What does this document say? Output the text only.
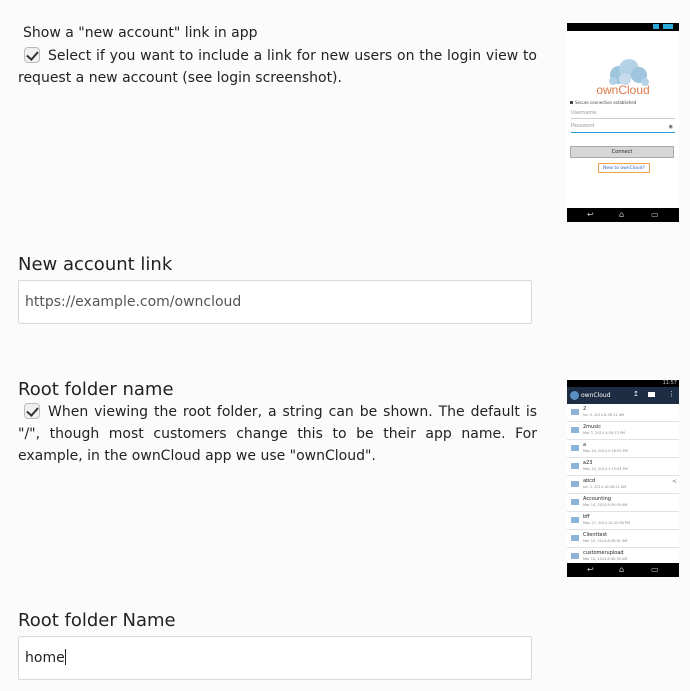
Show a "new account" link in app
Select if you want to include a link for new users on the login view to request a new account (see login screenshot).
ownCloud
Secure connection established
Username
Password	◉
Connect
New to ownCloud?
↩	⌂	▭
New account link
https://example.com/owncloud
Root folder name
When viewing the root folder, a string can be shown. The default is "/", though most customers change this to be their app name. For example, in the ownCloud app we use "ownCloud".
11:57
ownCloud	↥	⋮
2
Jun 9, 2014 8:38:11 AM
2music
Mar 7, 2014 4:50:13 PM
a
May 20, 2014 2:16:52 PM
a23
May 20, 2014 1:15:44 PM
abcd
Jun 3, 2014 10:28:22 AM
Accounting
Mar 10, 2014 8:29:09 AM
bff
May 27, 2014 12:42:56 PM
Clienttest
Mar 10, 2014 8:40:01 AM
customerupload
Mar 10, 2014 8:40:30 AM
<
↩	⌂	▭
Root folder Name
home
